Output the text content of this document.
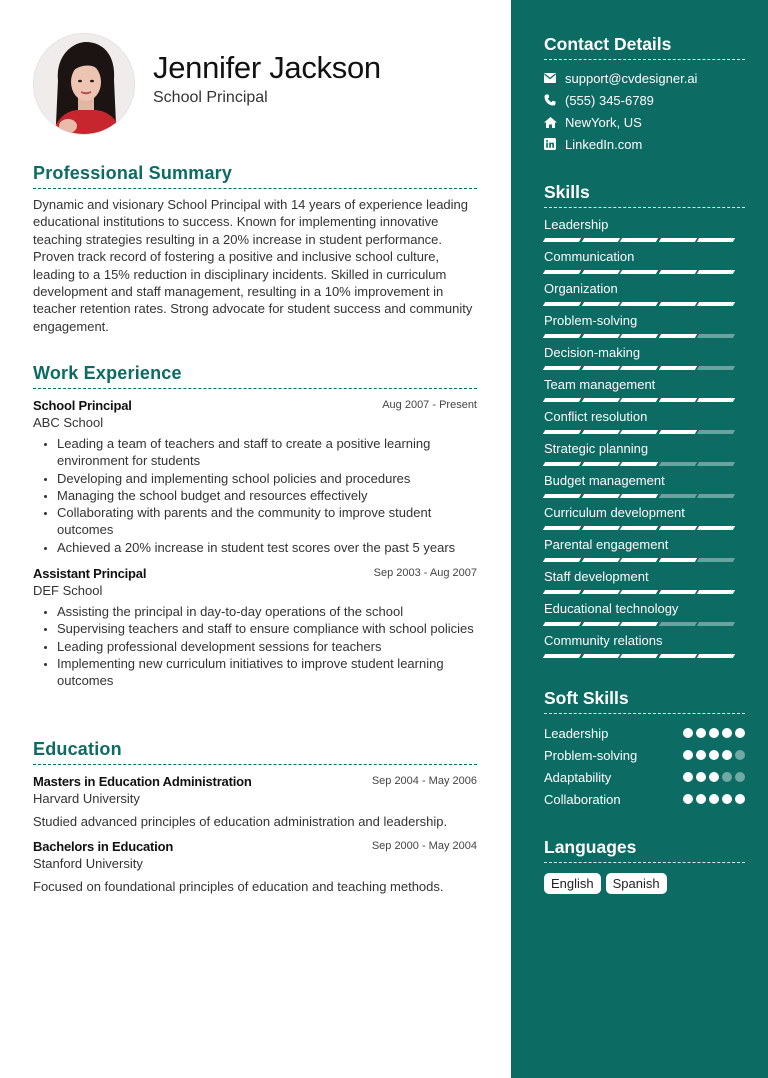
Jennifer Jackson
School Principal
Professional Summary
Dynamic and visionary School Principal with 14 years of experience leading educational institutions to success. Known for implementing innovative teaching strategies resulting in a 20% increase in student performance. Proven track record of fostering a positive and inclusive school culture, leading to a 15% reduction in disciplinary incidents. Skilled in curriculum development and staff management, resulting in a 10% improvement in teacher retention rates. Strong advocate for student success and community engagement.
Work Experience
School Principal	Aug 2007 - Present
ABC School
• Leading a team of teachers and staff to create a positive learning environment for students
• Developing and implementing school policies and procedures
• Managing the school budget and resources effectively
• Collaborating with parents and the community to improve student outcomes
• Achieved a 20% increase in student test scores over the past 5 years
Assistant Principal	Sep 2003 - Aug 2007
DEF School
• Assisting the principal in day-to-day operations of the school
• Supervising teachers and staff to ensure compliance with school policies
• Leading professional development sessions for teachers
• Implementing new curriculum initiatives to improve student learning outcomes
Education
Masters in Education Administration	Sep 2004 - May 2006
Harvard University
Studied advanced principles of education administration and leadership.
Bachelors in Education	Sep 2000 - May 2004
Stanford University
Focused on foundational principles of education and teaching methods.
Contact Details
support@cvdesigner.ai
(555) 345-6789
NewYork, US
LinkedIn.com
Skills
Leadership
Communication
Organization
Problem-solving
Decision-making
Team management
Conflict resolution
Strategic planning
Budget management
Curriculum development
Parental engagement
Staff development
Educational technology
Community relations
Soft Skills
Leadership
Problem-solving
Adaptability
Collaboration
Languages
English	Spanish
